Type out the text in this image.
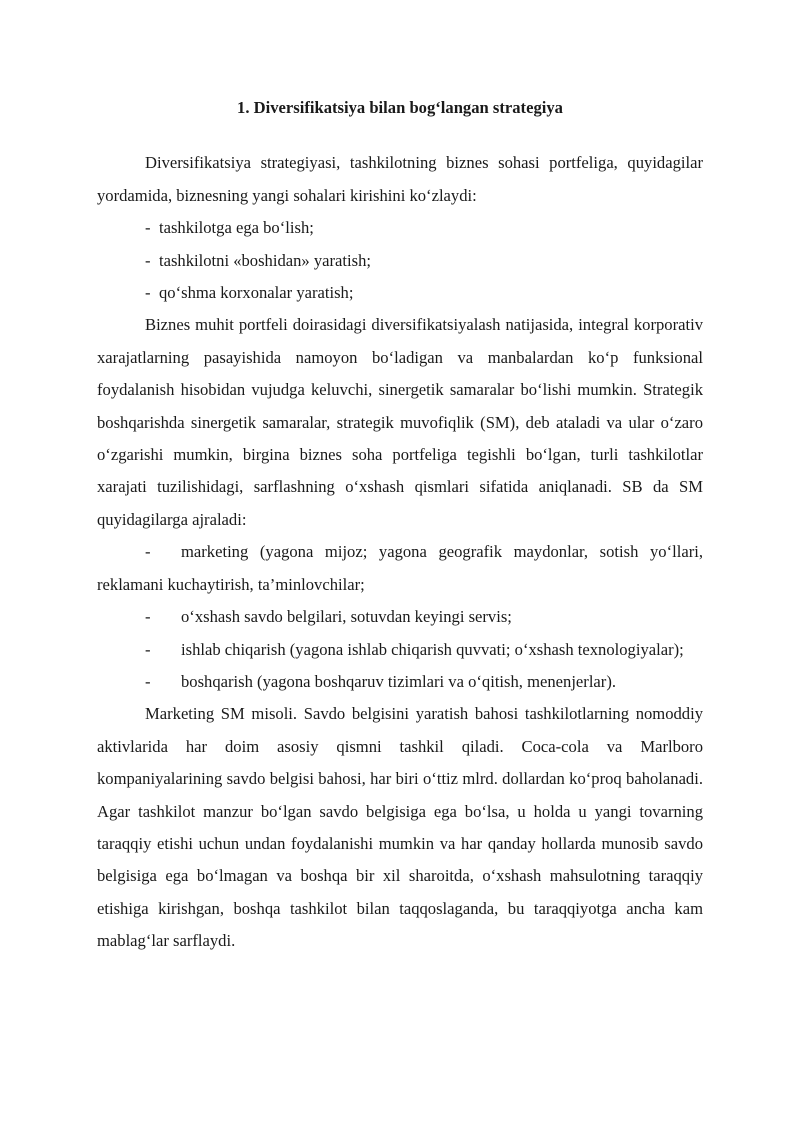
1. Diversifikatsiya bilan bog‘langan strategiya

Diversifikatsiya strategiyasi, tashkilotning biznes sohasi portfeliga, quyidagilar yordamida, biznesning yangi sohalari kirishini ko‘zlaydi:

- tashkilotga ega bo‘lish;
- tashkilotni «boshidan» yaratish;
- qo‘shma korxonalar yaratish;

Biznes muhit portfeli doirasidagi diversifikatsiyalash natijasida, integral korporativ xarajatlarning pasayishida namoyon bo‘ladigan va manbalardan ko‘p funksional foydalanish hisobidan vujudga keluvchi, sinergetik samaralar bo‘lishi mumkin. Strategik boshqarishda sinergetik samaralar, strategik muvofiqlik (SM), deb ataladi va ular o‘zaro o‘zgarishi mumkin, birgina biznes soha portfeliga tegishli bo‘lgan, turli tashkilotlar xarajati tuzilishidagi, sarflashning o‘xshash qismlari sifatida aniqlanadi. SB da SM quyidagilarga ajraladi:

- marketing (yagona mijoz; yagona geografik maydonlar, sotish yo‘llari, reklamani kuchaytirish, ta’minlovchilar;
- o‘xshash savdo belgilari, sotuvdan keyingi servis;
- ishlab chiqarish (yagona ishlab chiqarish quvvati; o‘xshash texnologiyalar);
- boshqarish (yagona boshqaruv tizimlari va o‘qitish, menenjerlar).

Marketing SM misoli. Savdo belgisini yaratish bahosi tashkilotlarning nomoddiy aktivlarida har doim asosiy qismni tashkil qiladi. Coca-cola va Marlboro kompaniyalarining savdo belgisi bahosi, har biri o‘ttiz mlrd. dollardan ko‘proq baholanadi. Agar tashkilot manzur bo‘lgan savdo belgisiga ega bo‘lsa, u holda u yangi tovarning taraqqiy etishi uchun undan foydalanishi mumkin va har qanday hollarda munosib savdo belgisiga ega bo‘lmagan va boshqa bir xil sharoitda, o‘xshash mahsulotning taraqqiy etishiga kirishgan, boshqa tashkilot bilan taqqoslaganda, bu taraqqiyotga ancha kam mablag‘lar sarflaydi.
